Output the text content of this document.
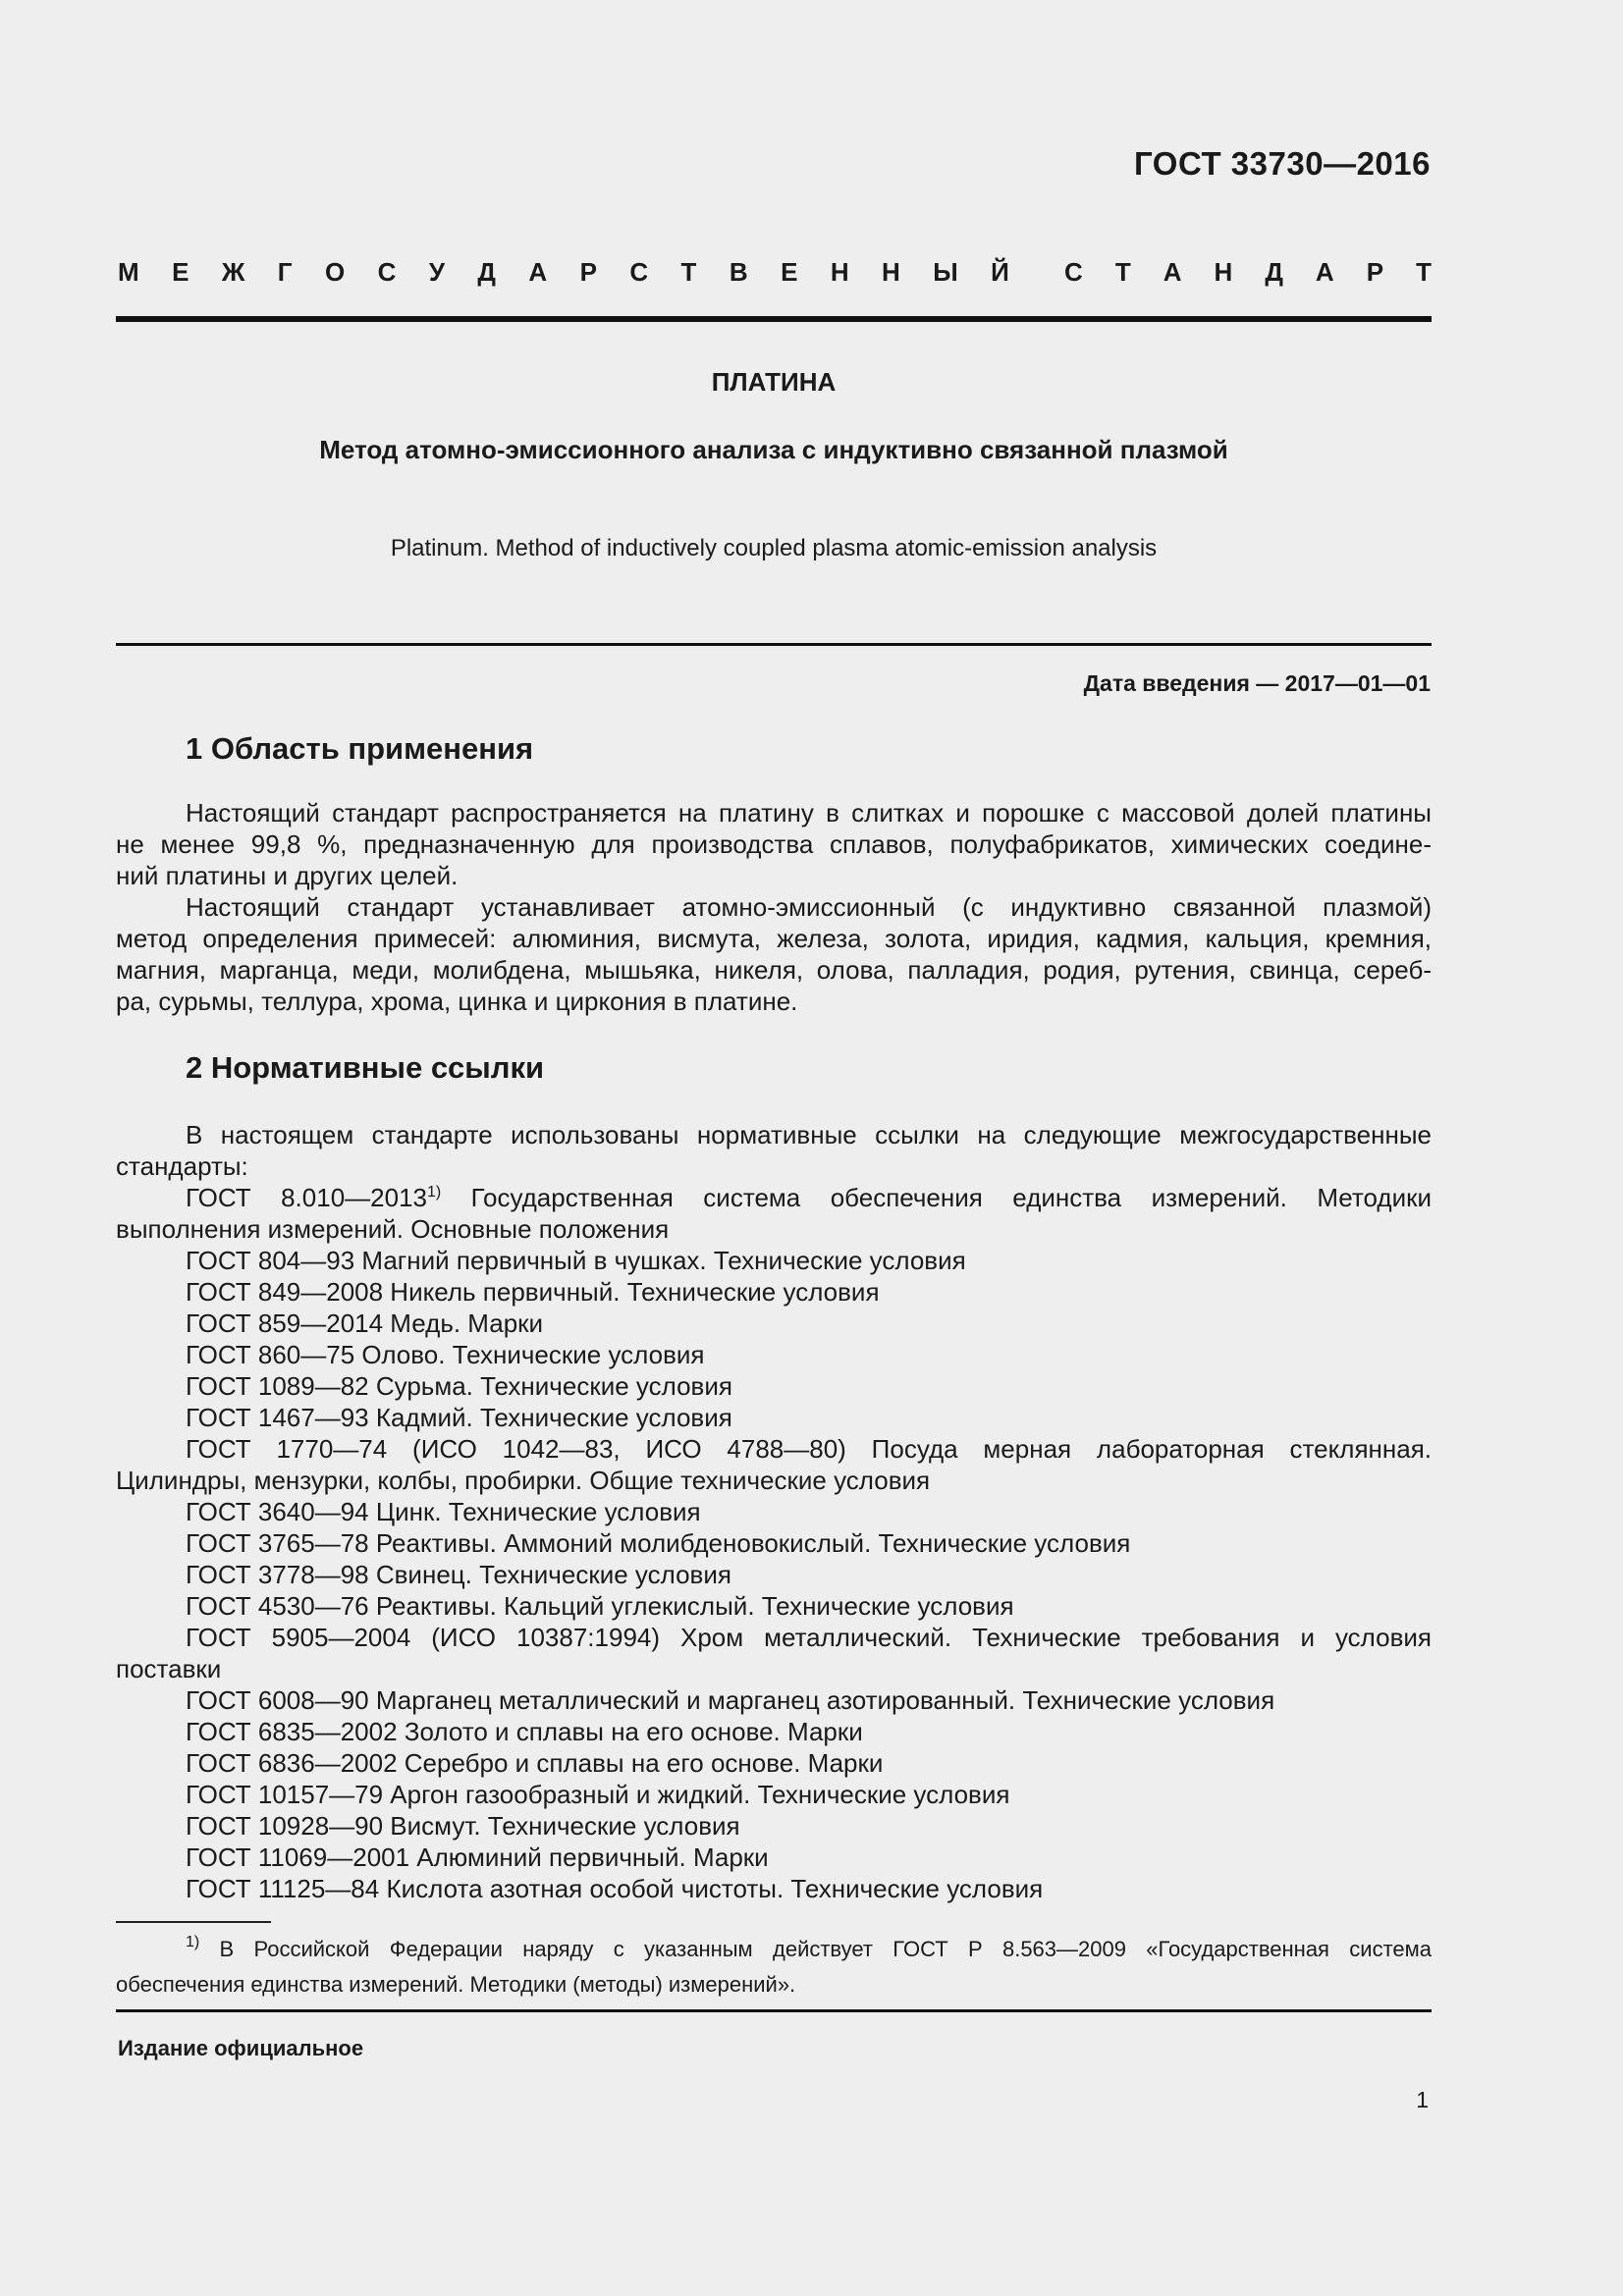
ГОСТ 33730—2016
М Е Ж Г О С У Д А Р С Т В Е Н Н Ы Й С Т А Н Д А Р Т
ПЛАТИНА
Метод атомно-эмиссионного анализа с индуктивно связанной плазмой
Platinum. Method of inductively coupled plasma atomic-emission analysis
Дата введения — 2017—01—01
1 Область применения
Настоящий стандарт распространяется на платину в слитках и порошке с массовой долей платины
не менее 99,8 %, предназначенную для производства сплавов, полуфабрикатов, химических соедине-
ний платины и других целей.
Настоящий стандарт устанавливает атомно-эмиссионный (с индуктивно связанной плазмой)
метод определения примесей: алюминия, висмута, железа, золота, иридия, кадмия, кальция, кремния,
магния, марганца, меди, молибдена, мышьяка, никеля, олова, палладия, родия, рутения, свинца, сереб-
ра, сурьмы, теллура, хрома, цинка и циркония в платине.
2 Нормативные ссылки
В настоящем стандарте использованы нормативные ссылки на следующие межгосударственные
стандарты:
ГОСТ 8.010—2013$^{1)}$ Государственная система обеспечения единства измерений. Методики
выполнения измерений. Основные положения
ГОСТ 804—93 Магний первичный в чушках. Технические условия
ГОСТ 849—2008 Никель первичный. Технические условия
ГОСТ 859—2014 Медь. Марки
ГОСТ 860—75 Олово. Технические условия
ГОСТ 1089—82 Сурьма. Технические условия
ГОСТ 1467—93 Кадмий. Технические условия
ГОСТ 1770—74 (ИСО 1042—83, ИСО 4788—80) Посуда мерная лабораторная стеклянная.
Цилиндры, мензурки, колбы, пробирки. Общие технические условия
ГОСТ 3640—94 Цинк. Технические условия
ГОСТ 3765—78 Реактивы. Аммоний молибденовокислый. Технические условия
ГОСТ 3778—98 Свинец. Технические условия
ГОСТ 4530—76 Реактивы. Кальций углекислый. Технические условия
ГОСТ 5905—2004 (ИСО 10387:1994) Хром металлический. Технические требования и условия
поставки
ГОСТ 6008—90 Марганец металлический и марганец азотированный. Технические условия
ГОСТ 6835—2002 Золото и сплавы на его основе. Марки
ГОСТ 6836—2002 Серебро и сплавы на его основе. Марки
ГОСТ 10157—79 Аргон газообразный и жидкий. Технические условия
ГОСТ 10928—90 Висмут. Технические условия
ГОСТ 11069—2001 Алюминий первичный. Марки
ГОСТ 11125—84 Кислота азотная особой чистоты. Технические условия
$^{1)}$ В Российской Федерации наряду с указанным действует ГОСТ Р 8.563—2009 «Государственная система
обеспечения единства измерений. Методики (методы) измерений».
Издание официальное
1
